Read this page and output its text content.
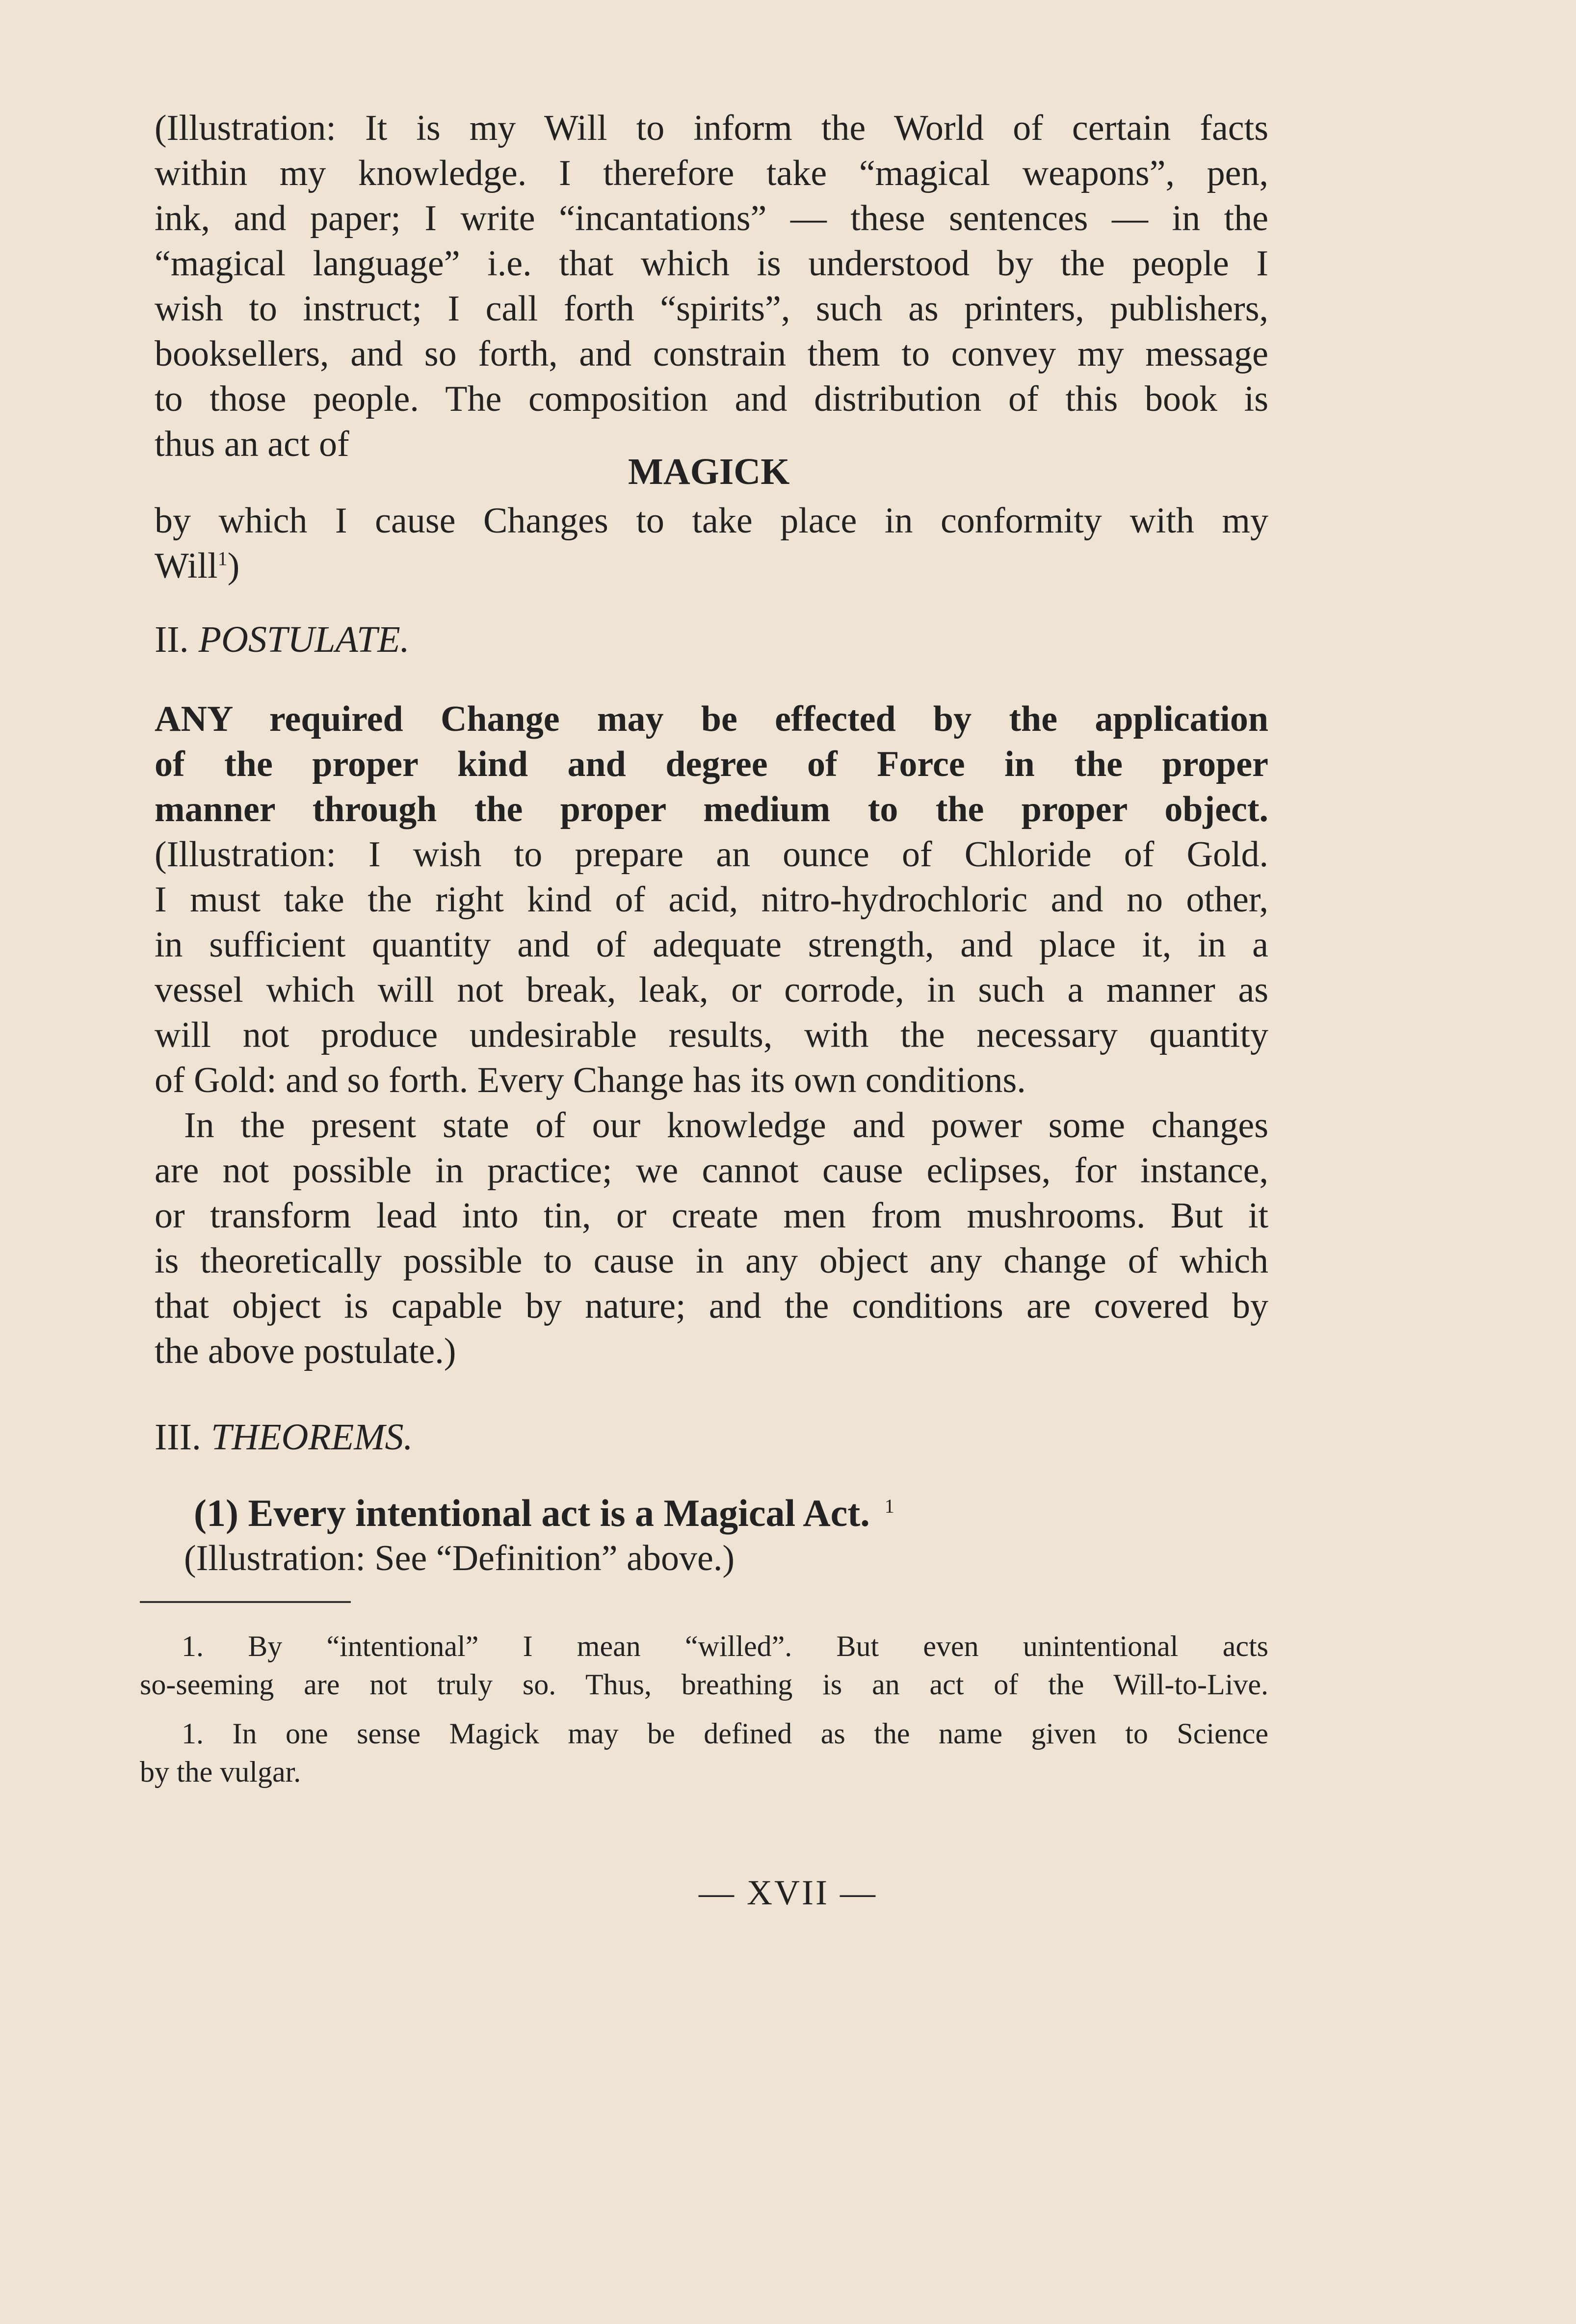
(Illustration: It is my Will to inform the World of certain facts
within my knowledge. I therefore take “magical weapons”, pen,
ink, and paper; I write “incantations” — these sentences — in the
“magical language” i.e. that which is understood by the people I
wish to instruct; I call forth “spirits”, such as printers, publishers,
booksellers, and so forth, and constrain them to convey my message
to those people. The composition and distribution of this book is
thus an act of
MAGICK
by which I cause Changes to take place in conformity with my
Will$^1$)
II. POSTULATE.
ANY required Change may be effected by the application
of the proper kind and degree of Force in the proper
manner through the proper medium to the proper object.
(Illustration: I wish to prepare an ounce of Chloride of Gold.
I must take the right kind of acid, nitro-hydrochloric and no other,
in sufficient quantity and of adequate strength, and place it, in a
vessel which will not break, leak, or corrode, in such a manner as
will not produce undesirable results, with the necessary quantity
of Gold: and so forth. Every Change has its own conditions.
In the present state of our knowledge and power some changes
are not possible in practice; we cannot cause eclipses, for instance,
or transform lead into tin, or create men from mushrooms. But it
is theoretically possible to cause in any object any change of which
that object is capable by nature; and the conditions are covered by
the above postulate.)
III. THEOREMS.
(1) Every intentional act is a Magical Act. $^1$
(Illustration: See “Definition” above.)
1. By “intentional” I mean “willed”. But even unintentional acts
so-seeming are not truly so. Thus, breathing is an act of the Will-to-Live.
1. In one sense Magick may be defined as the name given to Science
by the vulgar.
— XVII —
